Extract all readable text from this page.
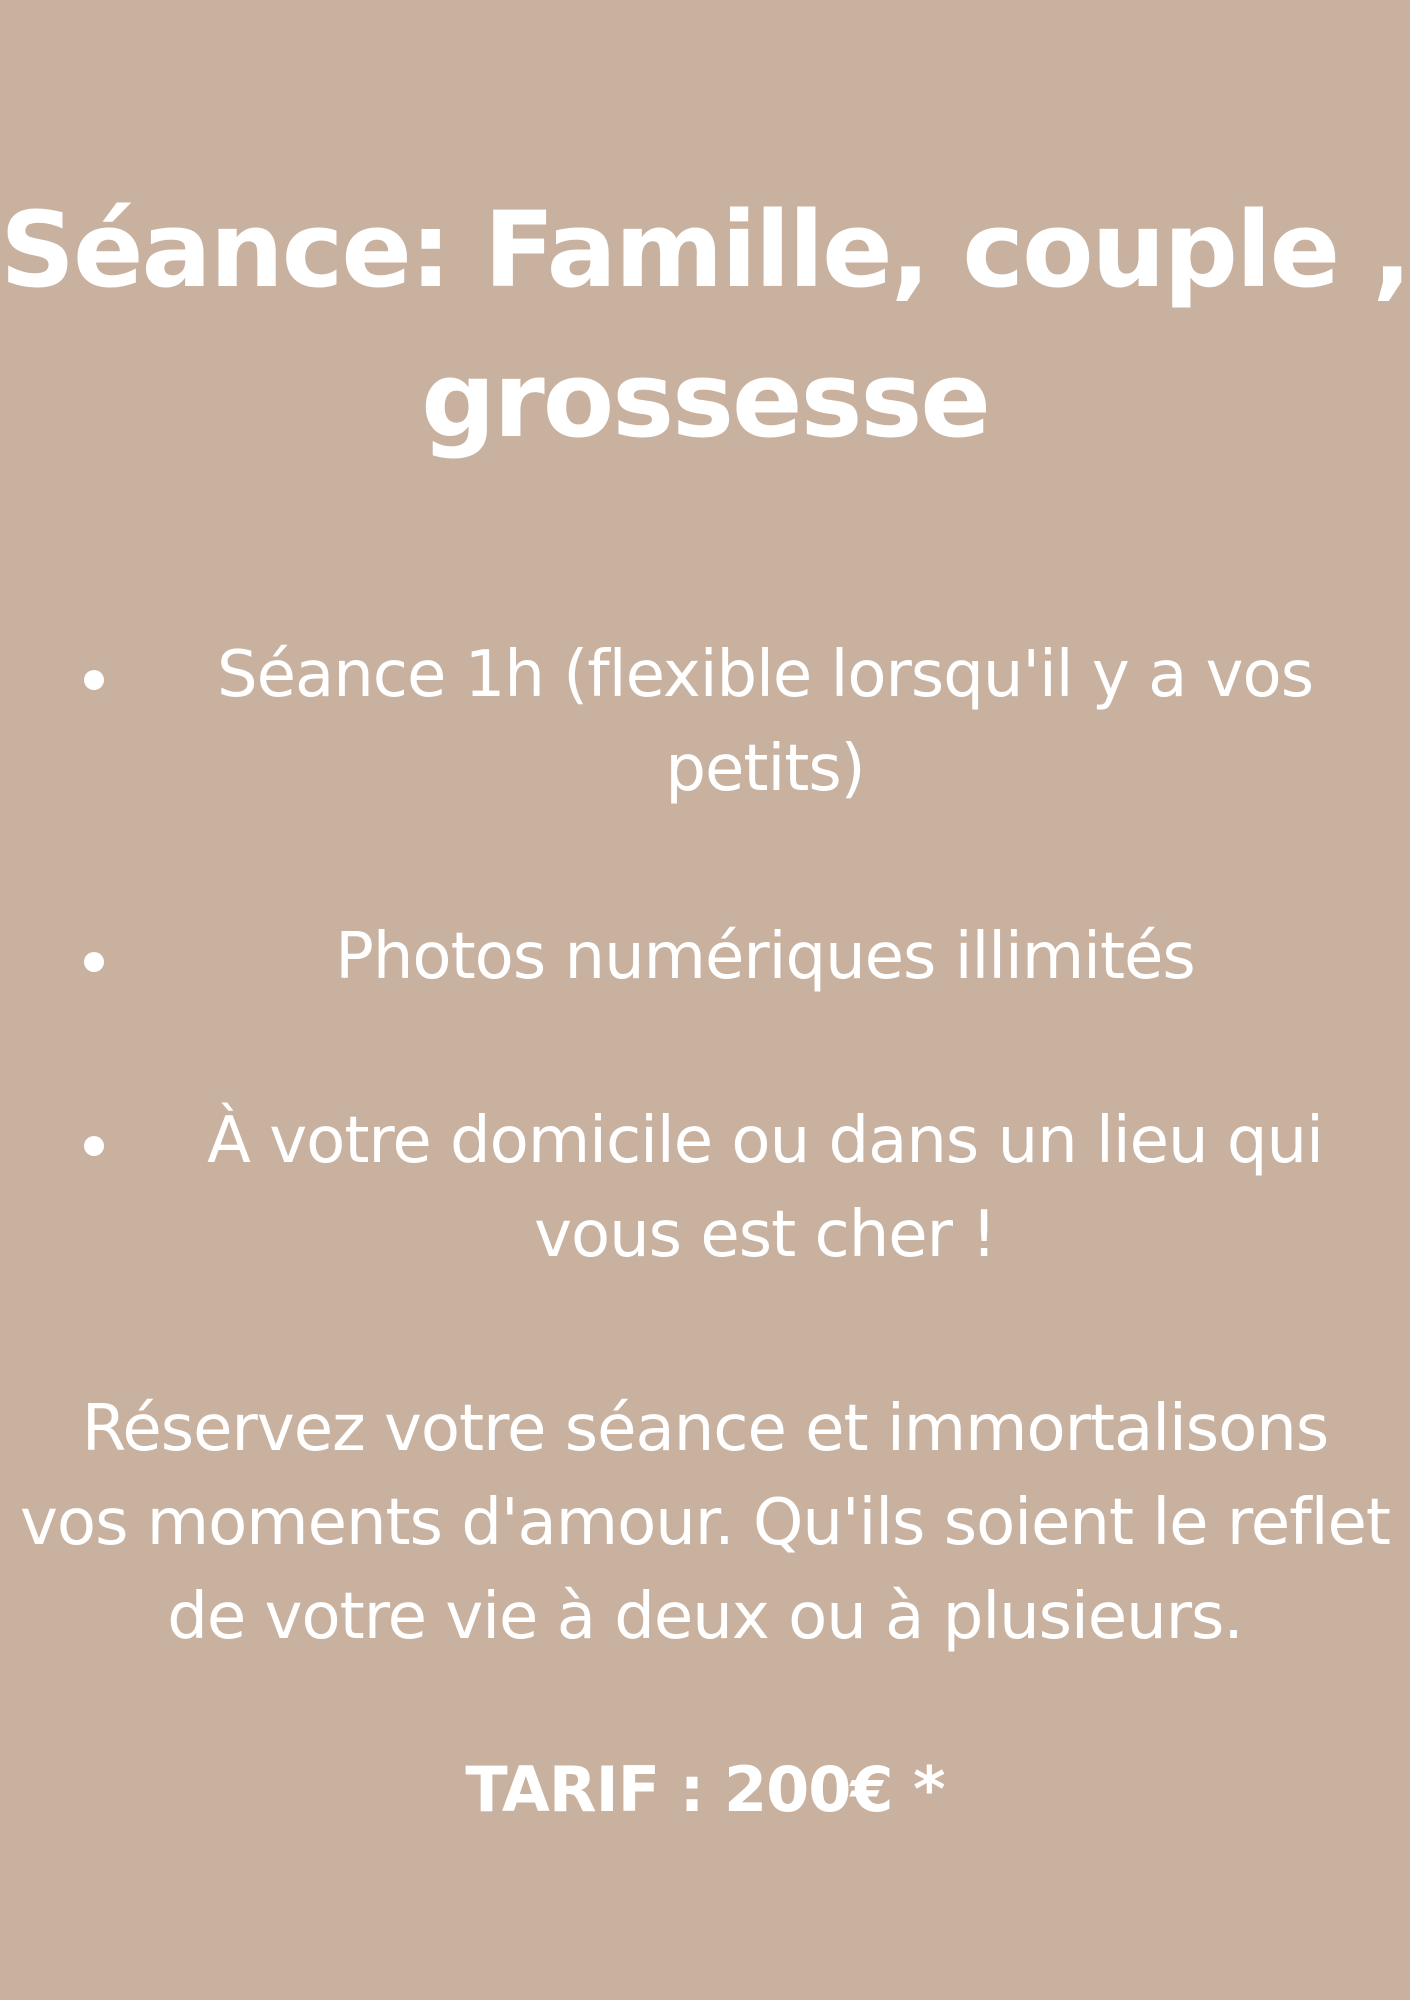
Séance: Famille, couple , grossesse
Séance 1h (flexible lorsqu'il y a vos petits)
Photos numériques illimités
À votre domicile ou dans un lieu qui vous est cher !

Réservez votre séance et immortalisons vos moments d'amour. Qu'ils soient le reflet de votre vie à deux ou à plusieurs.

TARIF : 200€ *
